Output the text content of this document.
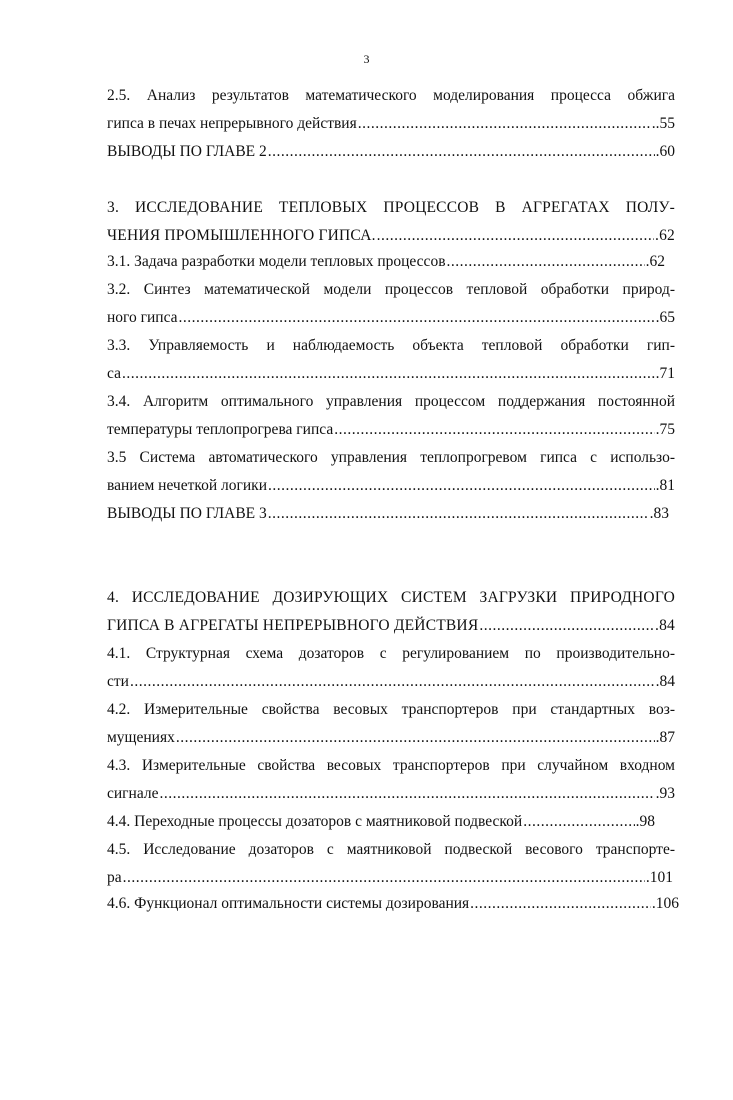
3
2.5. Анализ результатов математического моделирования процесса обжига
гипса в печах непрерывного действия .....	..55
ВЫВОДЫ ПО ГЛАВЕ 2 .....	.60
3. ИССЛЕДОВАНИЕ ТЕПЛОВЫХ ПРОЦЕССОВ В АГРЕГАТАХ ПОЛУ-
ЧЕНИЯ ПРОМЫШЛЕННОГО ГИПСА. .....	.62
3.1. Задача разработки модели тепловых процессов .....	.62
3.2. Синтез математической модели процессов тепловой обработки природ-
ного гипса .....	.65
3.3. Управляемость и наблюдаемость объекта тепловой обработки гип-
са .....	.71
3.4. Алгоритм оптимального управления процессом поддержания постоянной
температуры теплопрогрева гипса .....	.75
3.5 Система автоматического управления теплопрогревом гипса с использо-
ванием нечеткой логики .....	.81
ВЫВОДЫ ПО ГЛАВЕ 3 .....	.83
4. ИССЛЕДОВАНИЕ ДОЗИРУЮЩИХ СИСТЕМ ЗАГРУЗКИ ПРИРОДНОГО
ГИПСА В АГРЕГАТЫ НЕПРЕРЫВНОГО ДЕЙСТВИЯ .....	.84
4.1. Структурная схема дозаторов с регулированием по производительно-
сти .....	.84
4.2. Измерительные свойства весовых транспортеров при стандартных воз-
мущениях .....	.87
4.3. Измерительные свойства весовых транспортеров при случайном входном
сигнале .....	.93
4.4. Переходные процессы дозаторов с маятниковой подвеской .....	.98
4.5. Исследование дозаторов с маятниковой подвеской весового транспорте-
ра .....	.101
4.6. Функционал оптимальности системы дозирования .....	.106
